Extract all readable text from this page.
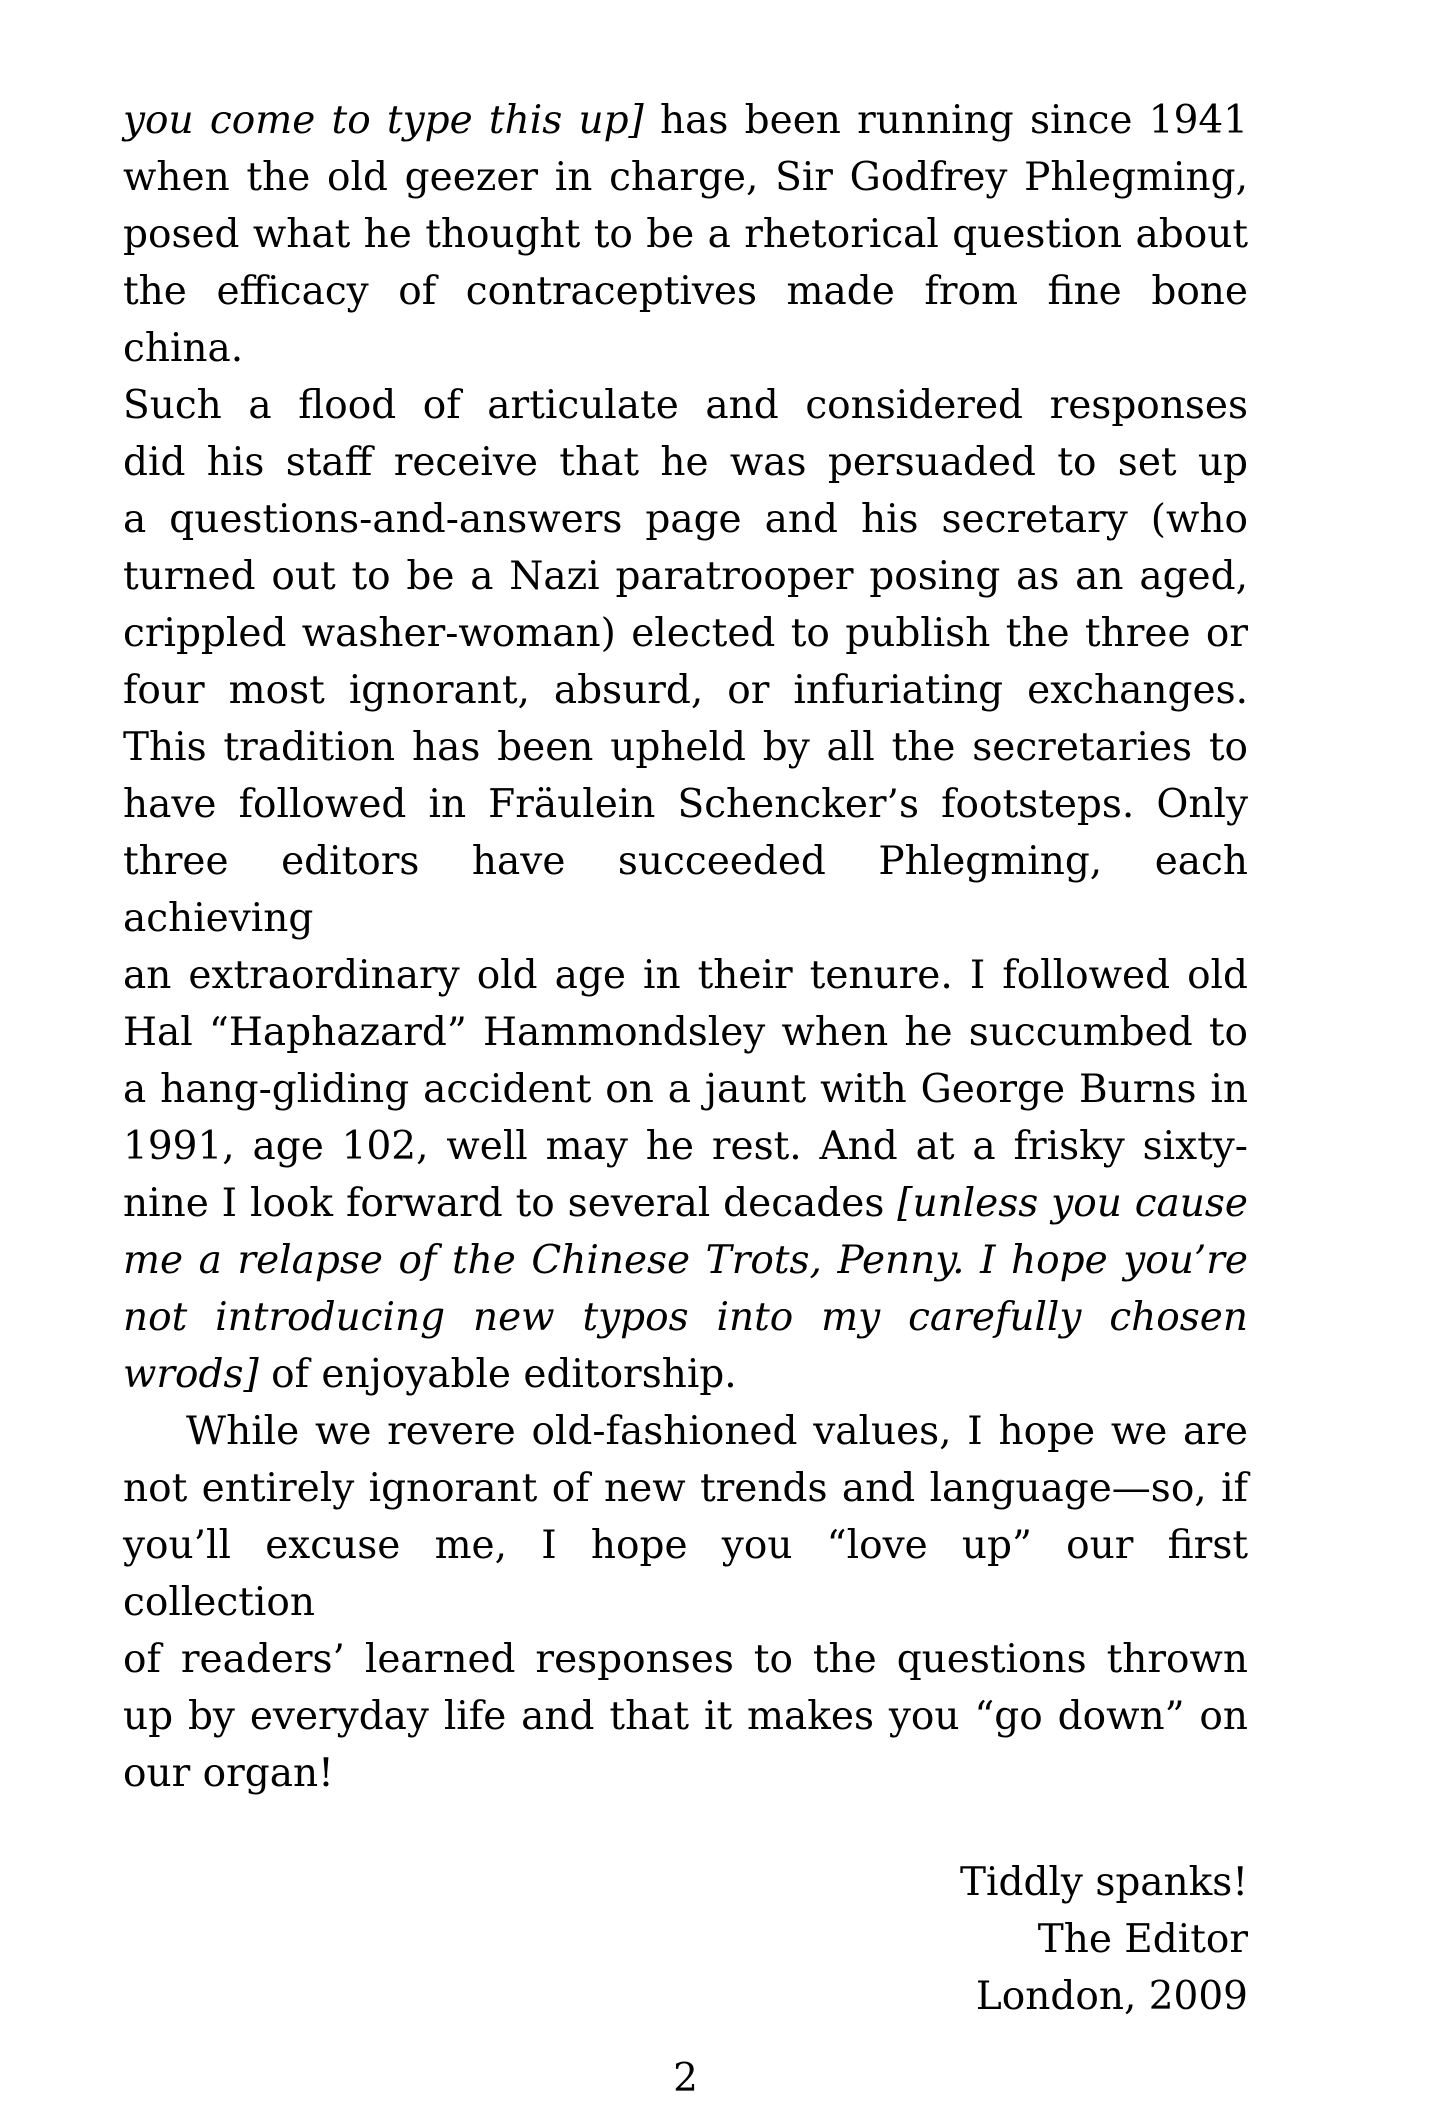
you come to type this up] has been running since 1941
when the old geezer in charge, Sir Godfrey Phlegming,
posed what he thought to be a rhetorical question about
the efficacy of contraceptives made from fine bone china.
Such a flood of articulate and considered responses
did his staff receive that he was persuaded to set up
a questions-and-answers page and his secretary (who
turned out to be a Nazi paratrooper posing as an aged,
crippled washer-woman) elected to publish the three or
four most ignorant, absurd, or infuriating exchanges.
This tradition has been upheld by all the secretaries to
have followed in Fräulein Schencker’s footsteps. Only
three editors have succeeded Phlegming, each achieving
an extraordinary old age in their tenure. I followed old
Hal “Haphazard” Hammondsley when he succumbed to
a hang-gliding accident on a jaunt with George Burns in
1991, age 102, well may he rest. And at a frisky sixty-
nine I look forward to several decades [unless you cause
me a relapse of the Chinese Trots, Penny. I hope you’re
not introducing new typos into my carefully chosen
wrods] of enjoyable editorship.
While we revere old-fashioned values, I hope we are
not entirely ignorant of new trends and language—so, if
you’ll excuse me, I hope you “love up” our first collection
of readers’ learned responses to the questions thrown
up by everyday life and that it makes you “go down” on
our organ!
Tiddly spanks!
The Editor
London, 2009
2
